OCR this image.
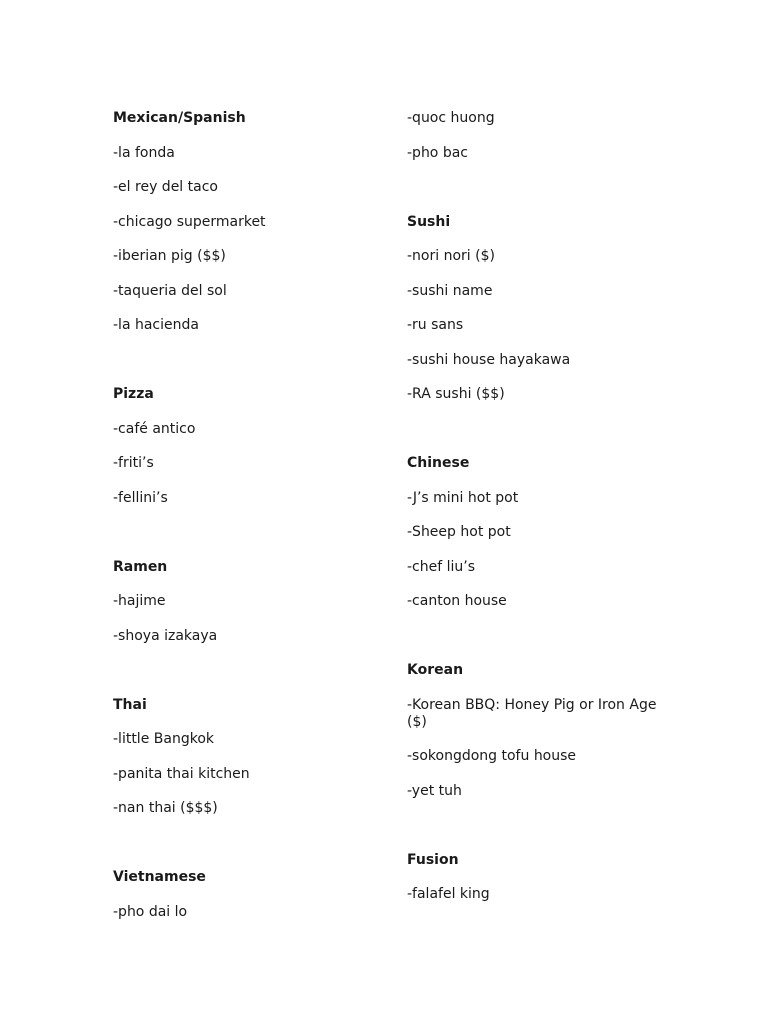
Mexican/Spanish
-la fonda
-el rey del taco
-chicago supermarket
-iberian pig ($$)
-taqueria del sol
-la hacienda
Pizza
-café antico
-friti’s
-fellini’s
Ramen
-hajime
-shoya izakaya
Thai
-little Bangkok
-panita thai kitchen
-nan thai ($$$)
Vietnamese
-pho dai lo
-quoc huong
-pho bac
Sushi
-nori nori ($)
-sushi name
-ru sans
-sushi house hayakawa
-RA sushi ($$)
Chinese
-J’s mini hot pot
-Sheep hot pot
-chef liu’s
-canton house
Korean
-Korean BBQ: Honey Pig or Iron Age ($)
-sokongdong tofu house
-yet tuh
Fusion
-falafel king
